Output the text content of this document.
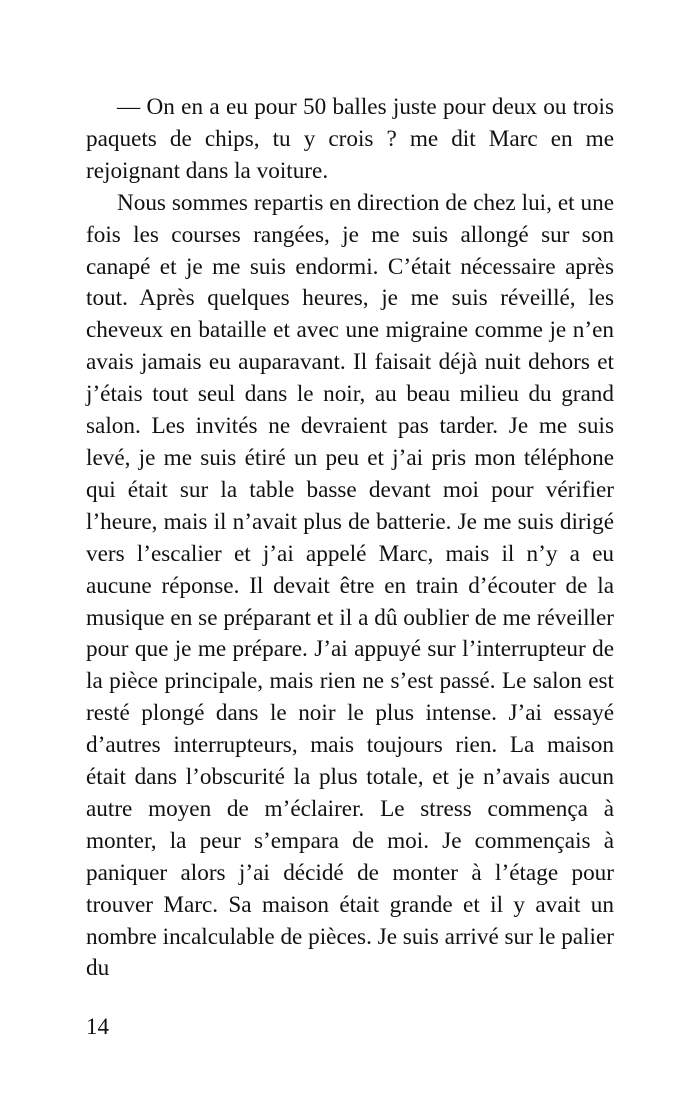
— On en a eu pour 50 balles juste pour deux ou trois paquets de chips, tu y crois ? me dit Marc en me rejoignant dans la voiture.

Nous sommes repartis en direction de chez lui, et une fois les courses rangées, je me suis allongé sur son canapé et je me suis endormi. C’était nécessaire après tout. Après quelques heures, je me suis réveillé, les cheveux en bataille et avec une migraine comme je n’en avais jamais eu auparavant. Il faisait déjà nuit dehors et j’étais tout seul dans le noir, au beau milieu du grand salon. Les invités ne devraient pas tarder. Je me suis levé, je me suis étiré un peu et j’ai pris mon téléphone qui était sur la table basse devant moi pour vérifier l’heure, mais il n’avait plus de batterie. Je me suis dirigé vers l’escalier et j’ai appelé Marc, mais il n’y a eu aucune réponse. Il devait être en train d’écouter de la musique en se préparant et il a dû oublier de me réveiller pour que je me prépare. J’ai appuyé sur l’interrupteur de la pièce principale, mais rien ne s’est passé. Le salon est resté plongé dans le noir le plus intense. J’ai essayé d’autres interrupteurs, mais toujours rien. La maison était dans l’obscurité la plus totale, et je n’avais aucun autre moyen de m’éclairer. Le stress commença à monter, la peur s’empara de moi. Je commençais à paniquer alors j’ai décidé de monter à l’étage pour trouver Marc. Sa maison était grande et il y avait un nombre incalculable de pièces. Je suis arrivé sur le palier du

14
